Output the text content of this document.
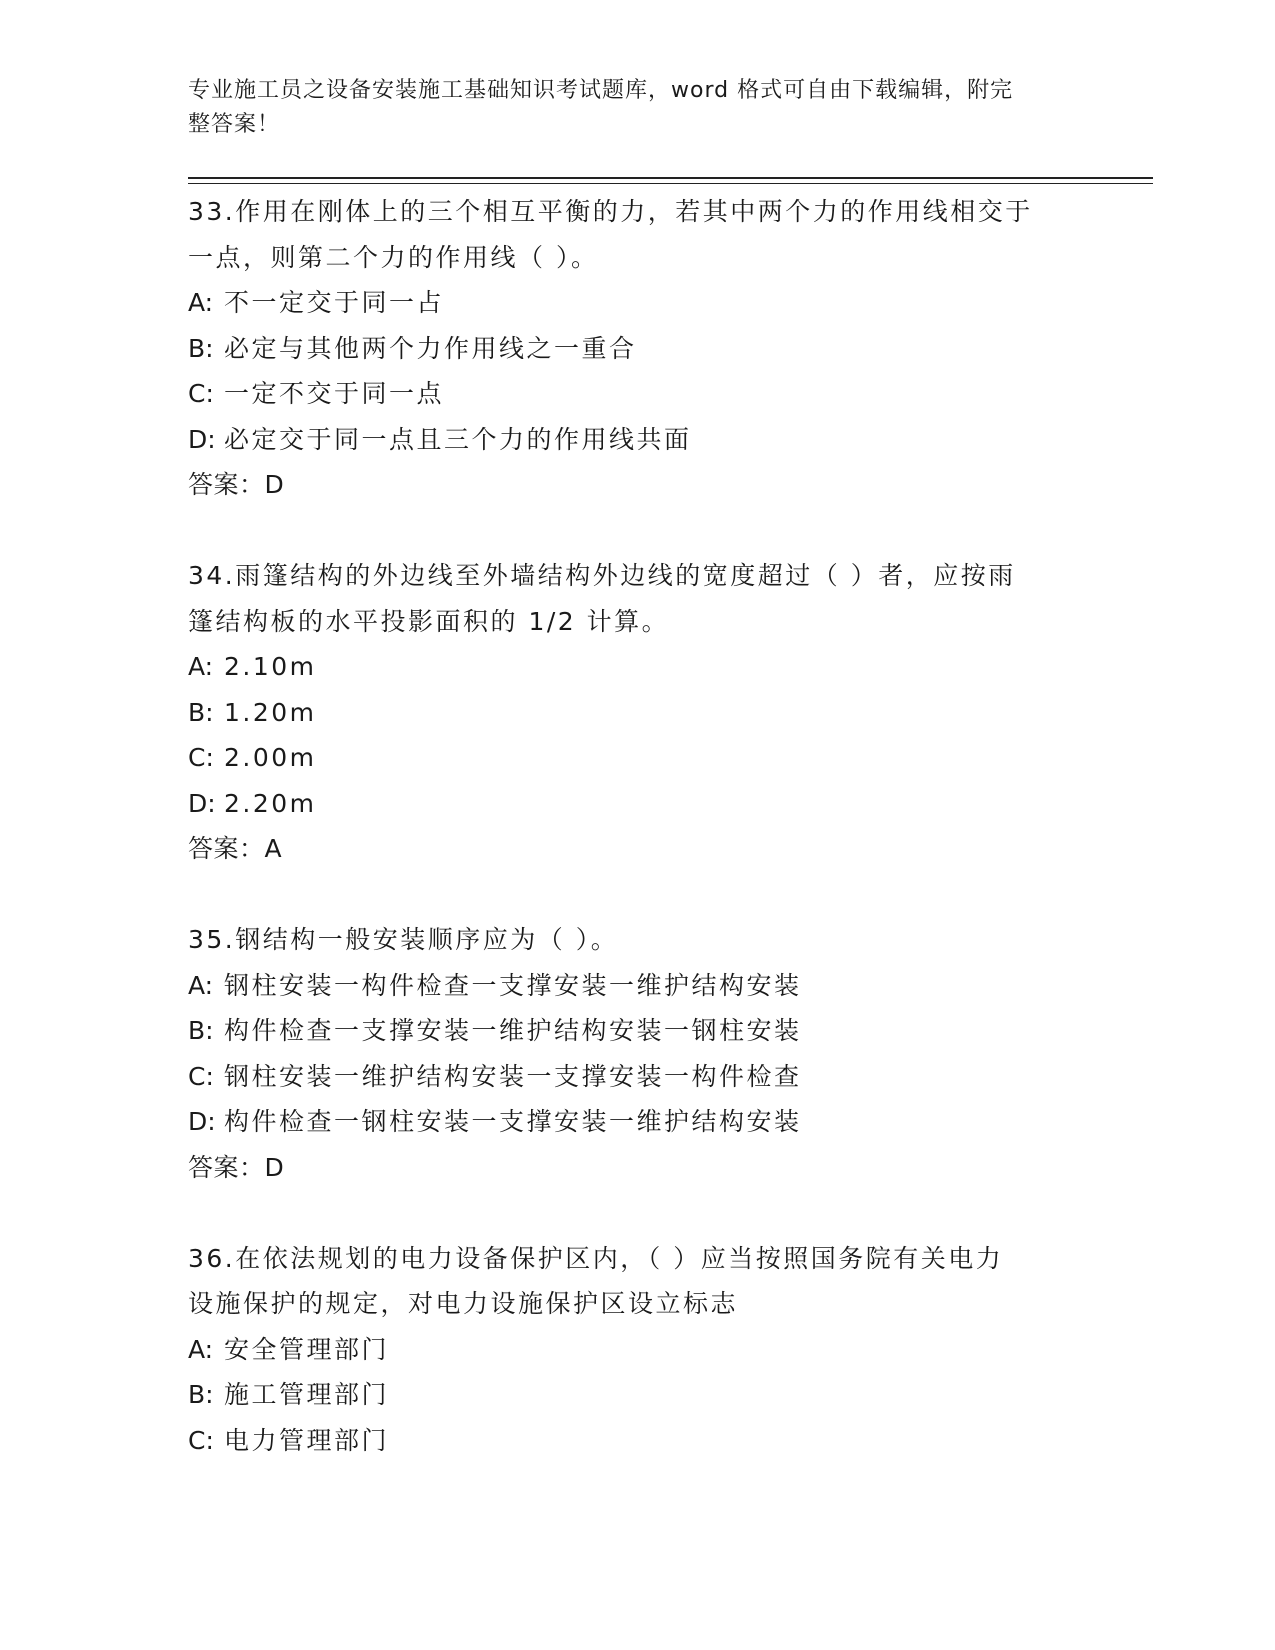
专业施工员之设备安装施工基础知识考试题库，word 格式可自由下载编辑，附完
整答案！
33.作用在刚体上的三个相互平衡的力，若其中两个力的作用线相交于
一点，则第二个力的作用线（ ）。
A: 不一定交于同一占
B: 必定与其他两个力作用线之一重合
C: 一定不交于同一点
D: 必定交于同一点且三个力的作用线共面
答案：D
34.雨篷结构的外边线至外墙结构外边线的宽度超过（ ）者，应按雨
篷结构板的水平投影面积的 1/2 计算。
A: 2.10m
B: 1.20m
C: 2.00m
D: 2.20m
答案：A
35.钢结构一般安装顺序应为（ ）。
A: 钢柱安装一构件检查一支撑安装一维护结构安装
B: 构件检查一支撑安装一维护结构安装一钢柱安装
C: 钢柱安装一维护结构安装一支撑安装一构件检查
D: 构件检查一钢柱安装一支撑安装一维护结构安装
答案：D
36.在依法规划的电力设备保护区内，（ ）应当按照国务院有关电力
设施保护的规定，对电力设施保护区设立标志
A: 安全管理部门
B: 施工管理部门
C: 电力管理部门
